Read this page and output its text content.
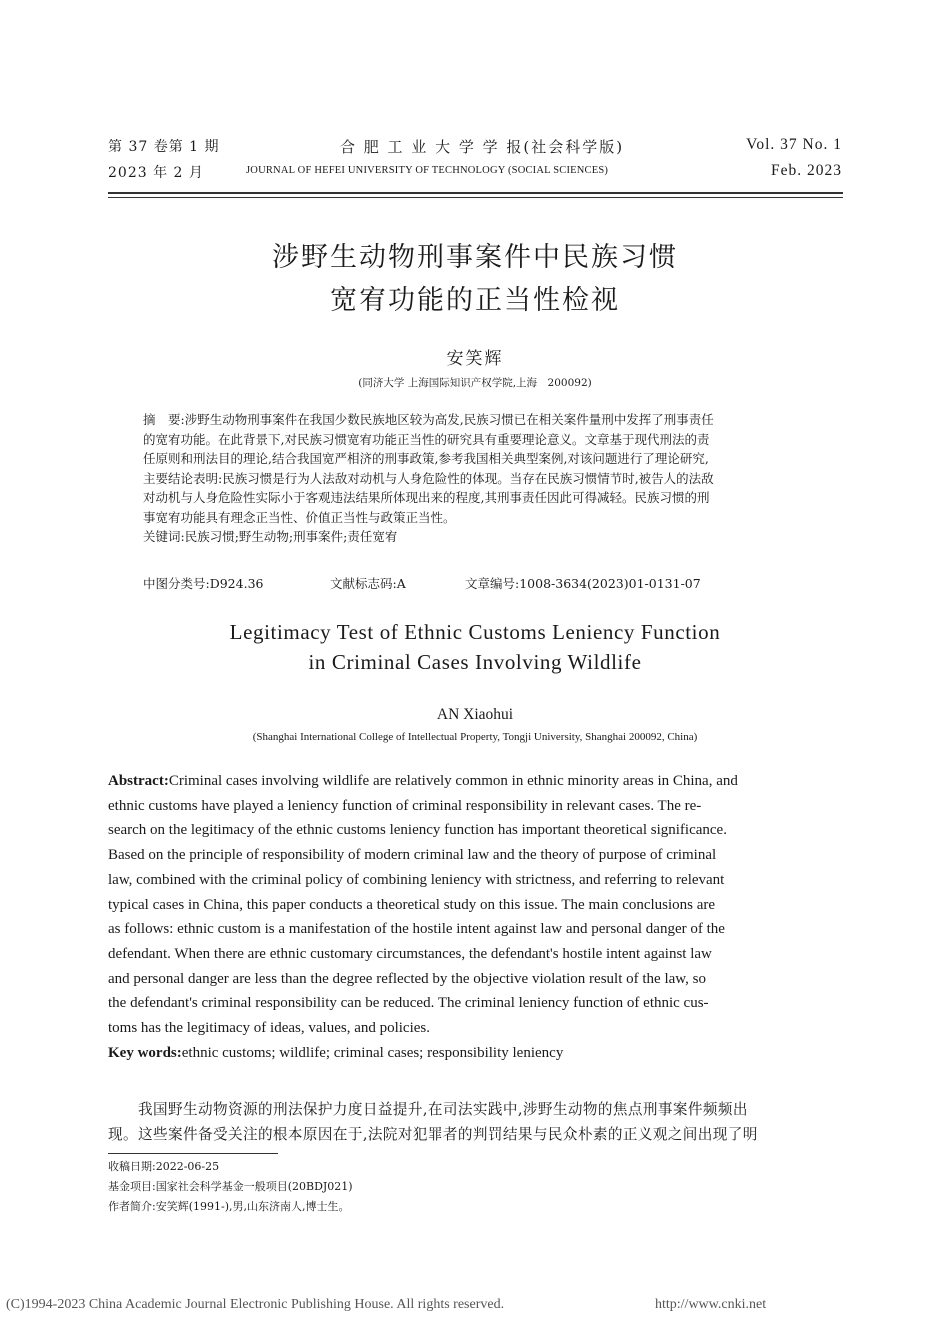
第 37 卷第 1 期
2023 年 2 月
合 肥 工 业 大 学 学 报(社会科学版)
JOURNAL OF HEFEI UNIVERSITY OF TECHNOLOGY (SOCIAL SCIENCES)
Vol. 37 No. 1
Feb. 2023
涉野生动物刑事案件中民族习惯
宽宥功能的正当性检视
安笑辉
(同济大学 上海国际知识产权学院,上海　200092)
摘　要:涉野生动物刑事案件在我国少数民族地区较为高发,民族习惯已在相关案件量刑中发挥了刑事责任
的宽宥功能。在此背景下,对民族习惯宽宥功能正当性的研究具有重要理论意义。文章基于现代刑法的责
任原则和刑法目的理论,结合我国宽严相济的刑事政策,参考我国相关典型案例,对该问题进行了理论研究,
主要结论表明:民族习惯是行为人法敌对动机与人身危险性的体现。当存在民族习惯情节时,被告人的法敌
对动机与人身危险性实际小于客观违法结果所体现出来的程度,其刑事责任因此可得减轻。民族习惯的刑
事宽宥功能具有理念正当性、价值正当性与政策正当性。
关键词:民族习惯;野生动物;刑事案件;责任宽宥
中图分类号:D924.36	文献标志码:A	文章编号:1008-3634(2023)01-0131-07
Legitimacy Test of Ethnic Customs Leniency Function
in Criminal Cases Involving Wildlife
AN Xiaohui
(Shanghai International College of Intellectual Property, Tongji University, Shanghai 200092, China)
Abstract:Criminal cases involving wildlife are relatively common in ethnic minority areas in China, and
ethnic customs have played a leniency function of criminal responsibility in relevant cases. The re-
search on the legitimacy of the ethnic customs leniency function has important theoretical significance.
Based on the principle of responsibility of modern criminal law and the theory of purpose of criminal
law, combined with the criminal policy of combining leniency with strictness, and referring to relevant
typical cases in China, this paper conducts a theoretical study on this issue. The main conclusions are
as follows: ethnic custom is a manifestation of the hostile intent against law and personal danger of the
defendant. When there are ethnic customary circumstances, the defendant's hostile intent against law
and personal danger are less than the degree reflected by the objective violation result of the law, so
the defendant's criminal responsibility can be reduced. The criminal leniency function of ethnic cus-
toms has the legitimacy of ideas, values, and policies.
Key words:ethnic customs; wildlife; criminal cases; responsibility leniency
我国野生动物资源的刑法保护力度日益提升,在司法实践中,涉野生动物的焦点刑事案件频频出
现。这些案件备受关注的根本原因在于,法院对犯罪者的判罚结果与民众朴素的正义观之间出现了明
收稿日期:2022-06-25
基金项目:国家社会科学基金一般项目(20BDJ021)
作者简介:安笑辉(1991-),男,山东济南人,博士生。
(C)1994-2023 China Academic Journal Electronic Publishing House. All rights reserved.	http://www.cnki.net
